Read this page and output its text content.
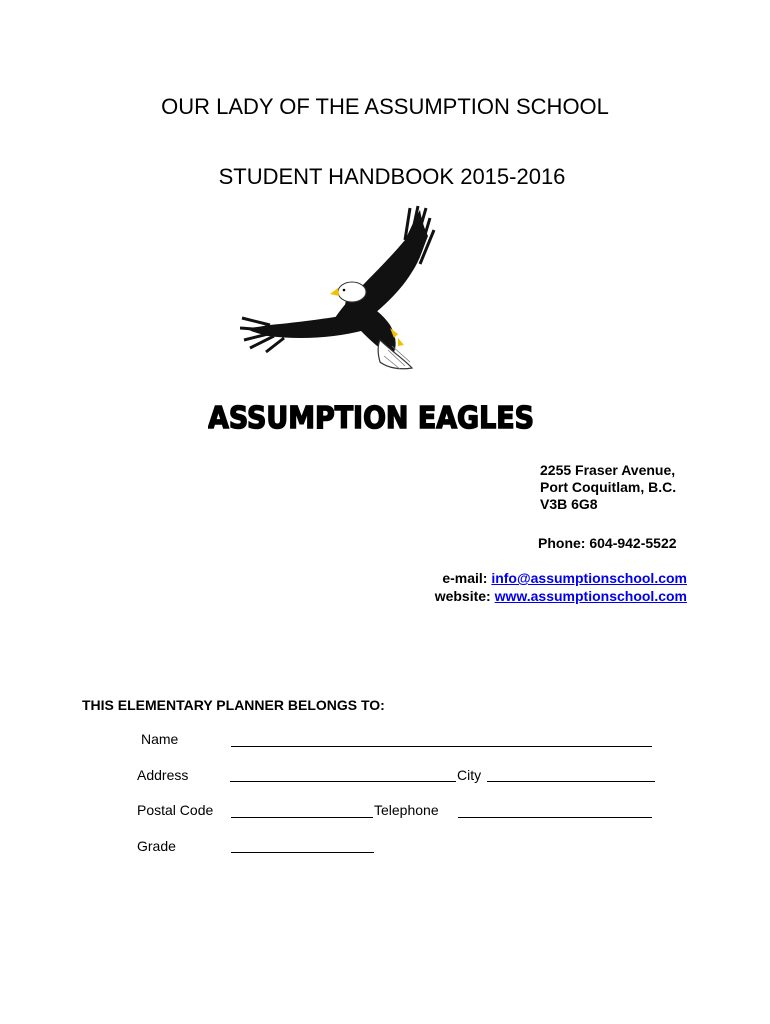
OUR LADY OF THE ASSUMPTION SCHOOL
STUDENT HANDBOOK 2015-2016
ASSUMPTION EAGLES
2255 Fraser Avenue,
Port Coquitlam, B.C.
V3B 6G8
Phone: 604-942-5522
e-mail: info@assumptionschool.com
website: www.assumptionschool.com
THIS ELEMENTARY PLANNER BELONGS TO:
Name
Address	City
Postal Code	Telephone
Grade
